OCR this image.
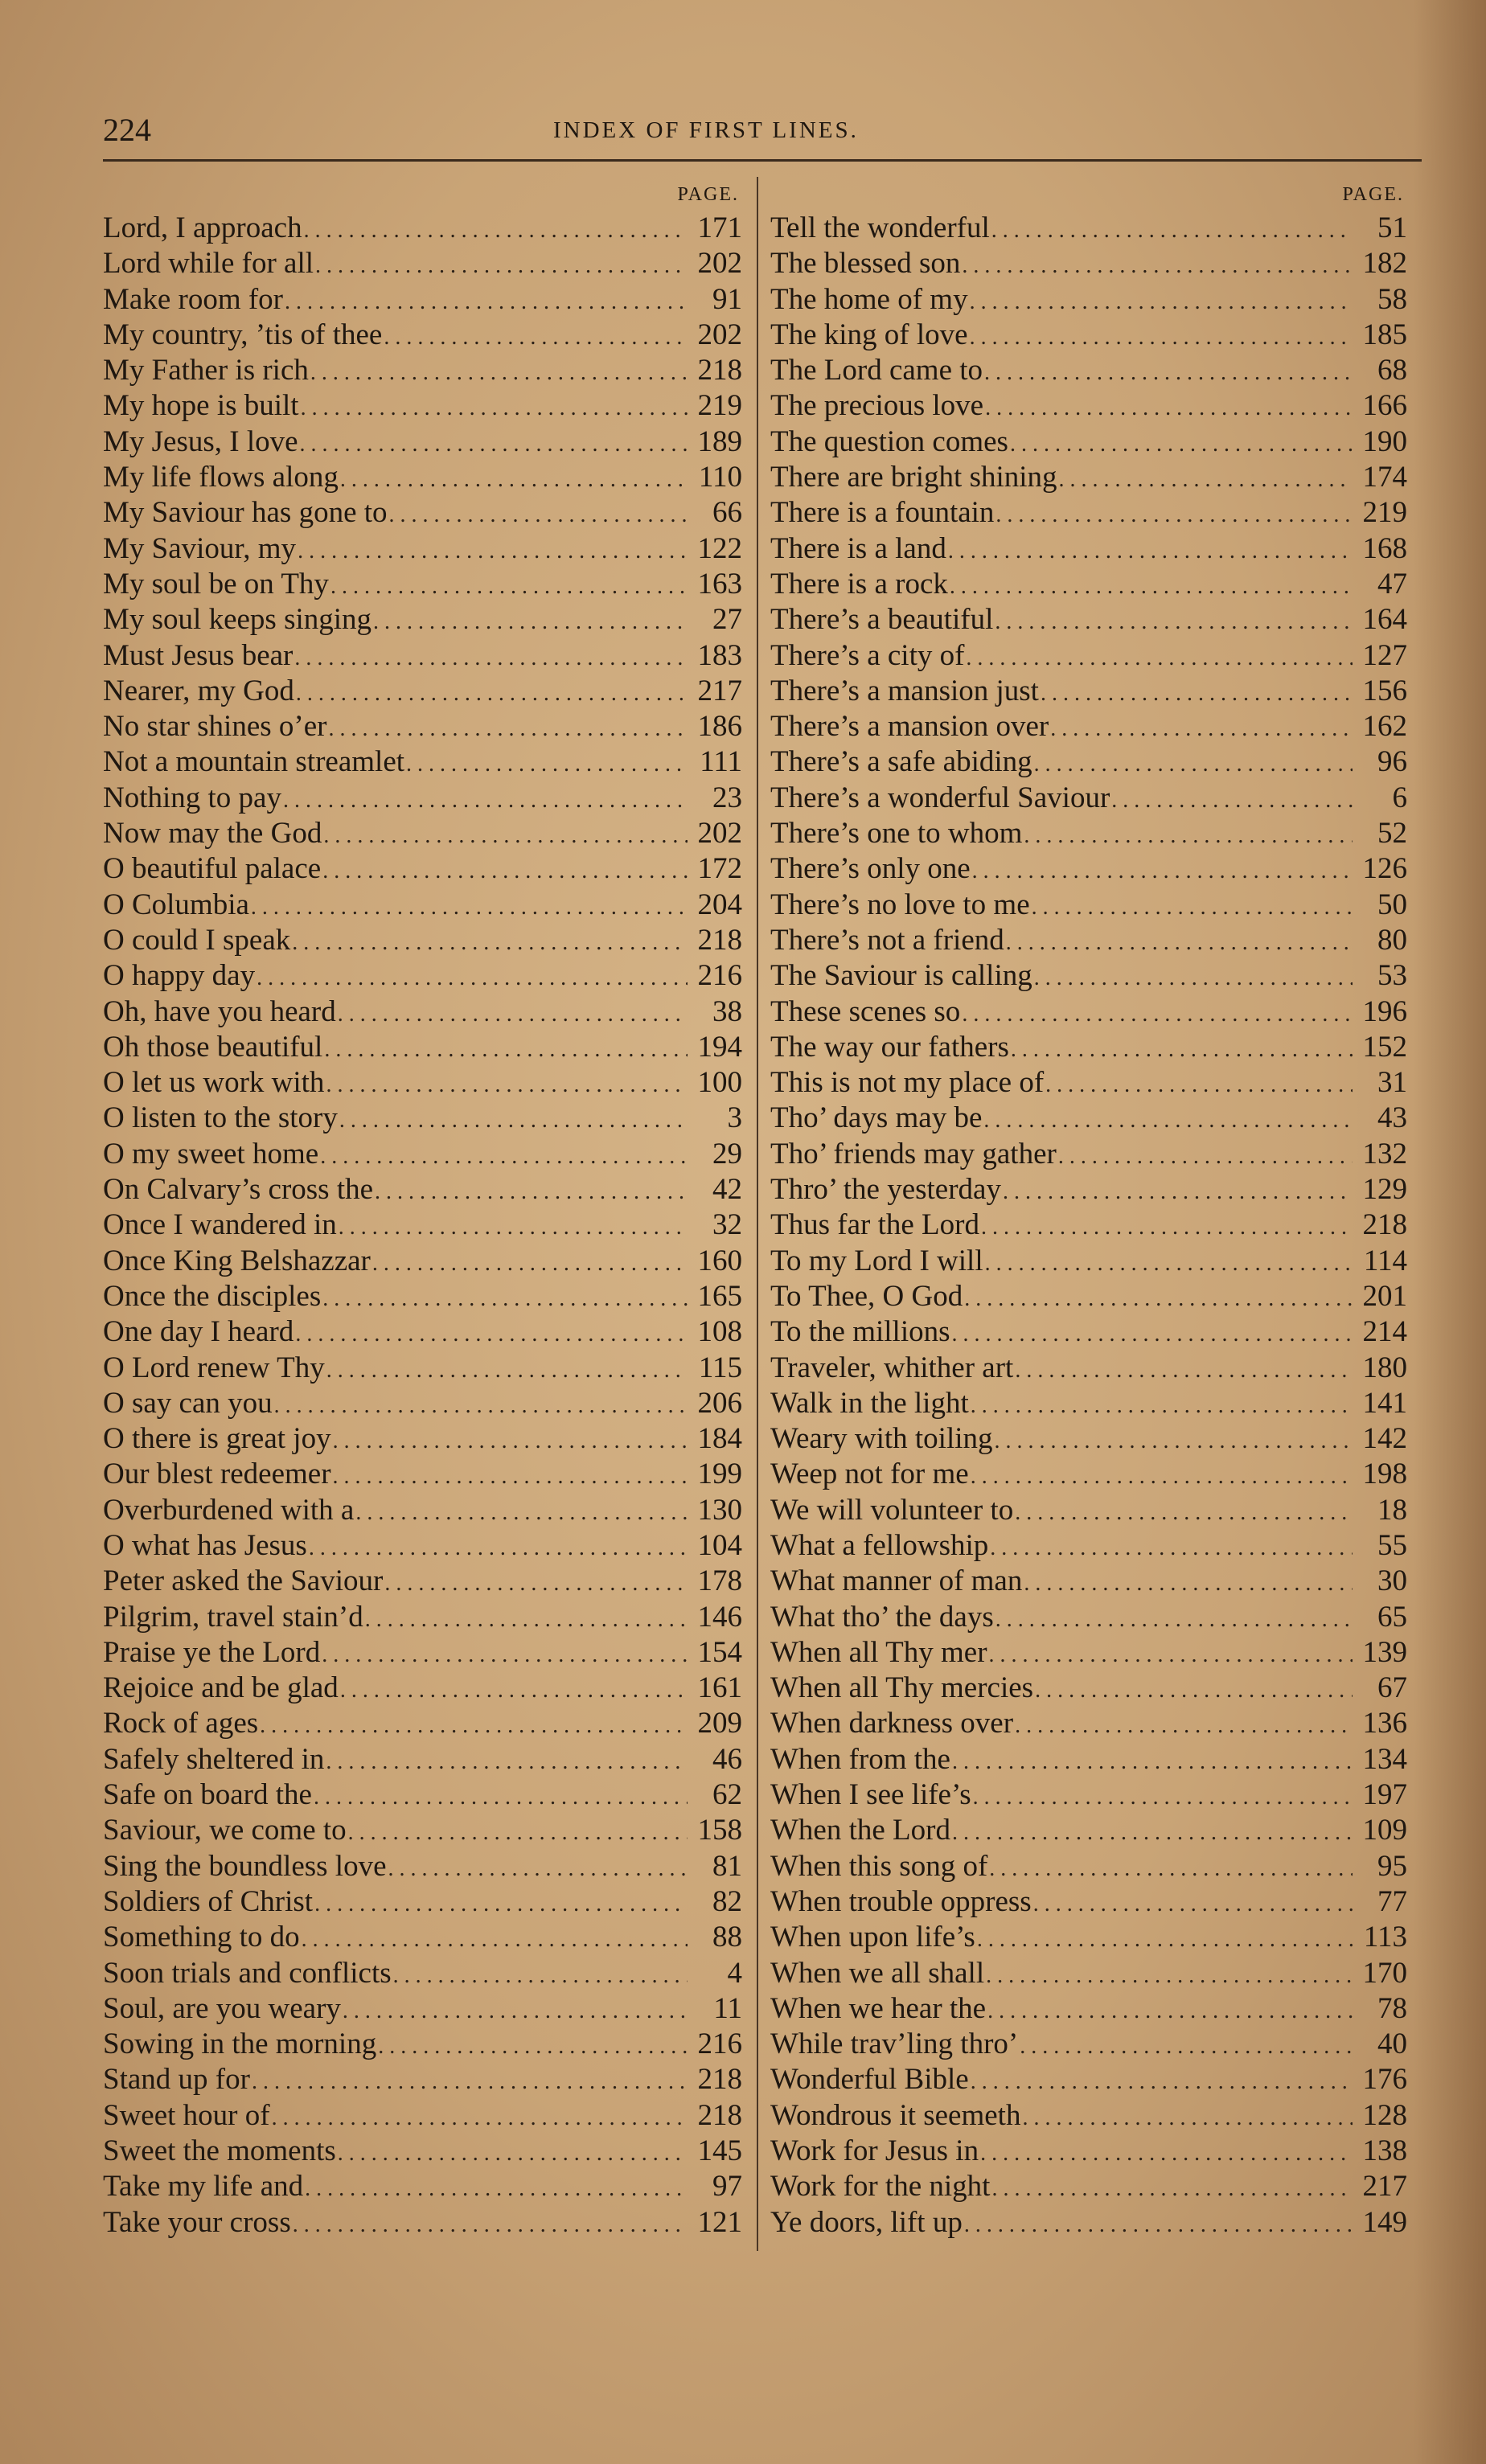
224	INDEX OF FIRST LINES.
PAGE.
Lord, I approach . . .	171
Lord while for all . . .	202
Make room for . . .	91
My country, ’tis of thee . . .	202
My Father is rich . . .	218
My hope is built . . .	219
My Jesus, I love . . .	189
My life flows along . . .	110
My Saviour has gone to . . .	66
My Saviour, my . . .	122
My soul be on Thy . . .	163
My soul keeps singing . . .	27
Must Jesus bear . . .	183
Nearer, my God . . .	217
No star shines o’er . . .	186
Not a mountain streamlet . . .	111
Nothing to pay . . .	23
Now may the God . . .	202
O beautiful palace . . .	172
O Columbia . . .	204
O could I speak . . .	218
O happy day . . .	216
Oh, have you heard . . .	38
Oh those beautiful . . .	194
O let us work with . . .	100
O listen to the story . . .	3
O my sweet home . . .	29
On Calvary’s cross the . . .	42
Once I wandered in . . .	32
Once King Belshazzar . . .	160
Once the disciples . . .	165
One day I heard . . .	108
O Lord renew Thy . . .	115
O say can you . . .	206
O there is great joy . . .	184
Our blest redeemer . . .	199
Overburdened with a . . .	130
O what has Jesus . . .	104
Peter asked the Saviour . . .	178
Pilgrim, travel stain’d . . .	146
Praise ye the Lord . . .	154
Rejoice and be glad . . .	161
Rock of ages . . .	209
Safely sheltered in . . .	46
Safe on board the . . .	62
Saviour, we come to . . .	158
Sing the boundless love . . .	81
Soldiers of Christ . . .	82
Something to do . . .	88
Soon trials and conflicts . . .	4
Soul, are you weary . . .	11
Sowing in the morning . . .	216
Stand up for . . .	218
Sweet hour of . . .	218
Sweet the moments . . .	145
Take my life and . . .	97
Take your cross . . .	121
PAGE.
Tell the wonderful . . .	51
The blessed son . . .	182
The home of my . . .	58
The king of love . . .	185
The Lord came to . . .	68
The precious love . . .	166
The question comes . . .	190
There are bright shining . . .	174
There is a fountain . . .	219
There is a land . . .	168
There is a rock . . .	47
There’s a beautiful . . .	164
There’s a city of . . .	127
There’s a mansion just . . .	156
There’s a mansion over . . .	162
There’s a safe abiding . . .	96
There’s a wonderful Saviour . . .	6
There’s one to whom . . .	52
There’s only one . . .	126
There’s no love to me . . .	50
There’s not a friend . . .	80
The Saviour is calling . . .	53
These scenes so . . .	196
The way our fathers . . .	152
This is not my place of . . .	31
Tho’ days may be . . .	43
Tho’ friends may gather . . .	132
Thro’ the yesterday . . .	129
Thus far the Lord . . .	218
To my Lord I will . . .	114
To Thee, O God . . .	201
To the millions . . .	214
Traveler, whither art . . .	180
Walk in the light . . .	141
Weary with toiling . . .	142
Weep not for me . . .	198
We will volunteer to . . .	18
What a fellowship . . .	55
What manner of man . . .	30
What tho’ the days . . .	65
When all Thy mer . . .	139
When all Thy mercies . . .	67
When darkness over . . .	136
When from the . . .	134
When I see life’s . . .	197
When the Lord . . .	109
When this song of . . .	95
When trouble oppress . . .	77
When upon life’s . . .	113
When we all shall . . .	170
When we hear the . . .	78
While trav’ling thro’ . . .	40
Wonderful Bible . . .	176
Wondrous it seemeth . . .	128
Work for Jesus in . . .	138
Work for the night . . .	217
Ye doors, lift up . . .	149
